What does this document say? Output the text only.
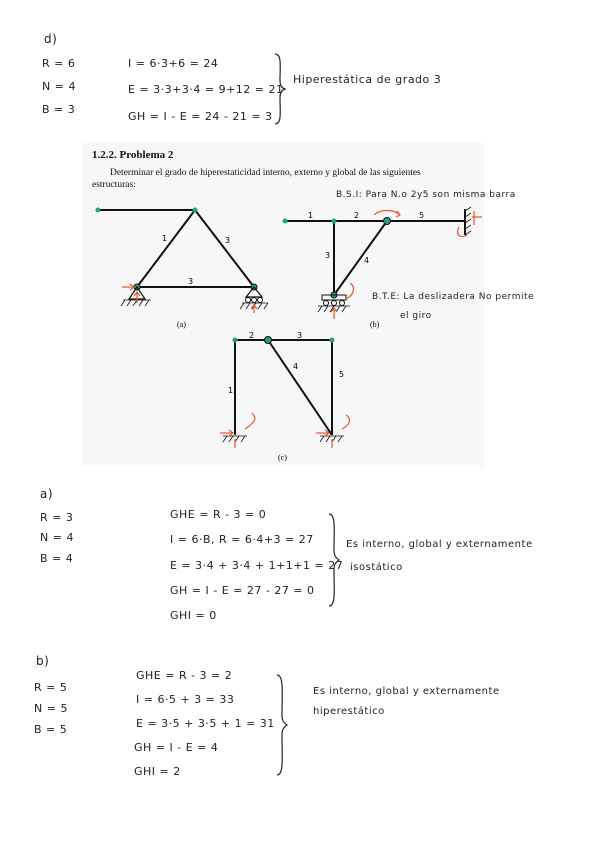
d)
R = 6
N = 4
B = 3
I = 6·3+6 = 24
E = 3·3+3·4 = 9+12 = 21
GH = I - E = 24 - 21 = 3
Hiperestática de grado 3
1.2.2. Problema 2
Determinar el grado de hiperestaticidad interno, externo y global de las siguientes
estructuras:
1	3
3
(a)
1	2	5
3
4
(b)
2	3
1
4
5
(c)
B.S.I: Para N.o 2y5 son misma barra
B.T.E: La deslizadera No permite
el giro
a)
R = 3
N = 4
B = 4
GHE = R - 3 = 0
I = 6·B, R = 6·4+3 = 27
E = 3·4 + 3·4 + 1+1+1 = 27
GH = I - E = 27 - 27 = 0
GHI = 0
Es interno, global y externamente
isostático
b)
R = 5
N = 5
B = 5
GHE = R - 3 = 2
I = 6·5 + 3 = 33
E = 3·5 + 3·5 + 1 = 31
GH = I - E = 4
GHI = 2
Es interno, global y externamente
hiperestático
